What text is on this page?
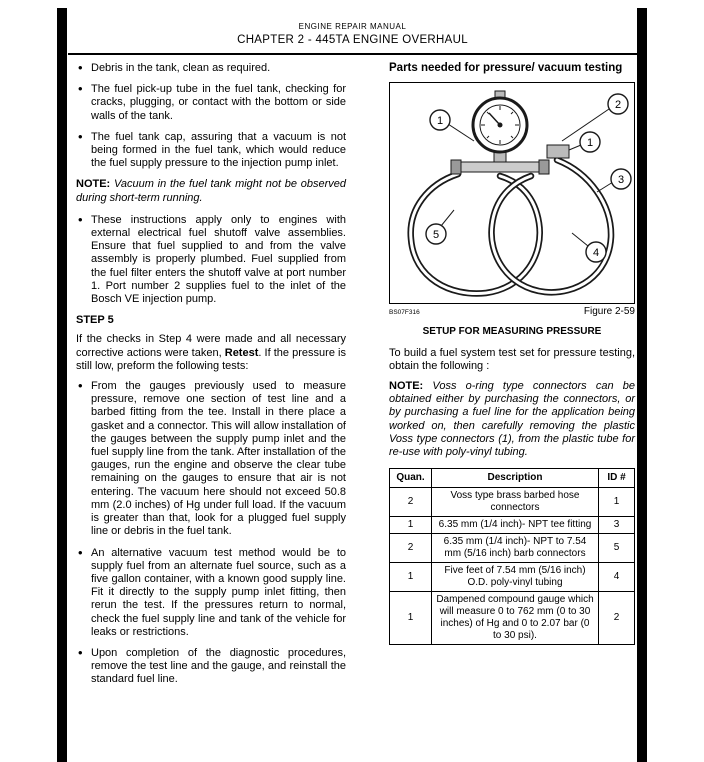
ENGINE REPAIR MANUAL
CHAPTER 2 - 445TA ENGINE OVERHAUL
• Debris in the tank, clean as required.
• The fuel pick-up tube in the fuel tank, checking for cracks, plugging, or contact with the bottom or side walls of the tank.
• The fuel tank cap, assuring that a vacuum is not being formed in the fuel tank, which would reduce the fuel supply pressure to the injection pump inlet.
NOTE: Vacuum in the fuel tank might not be observed during short-term running.
• These instructions apply only to engines with external electrical fuel shutoff valve assemblies. Ensure that fuel supplied to and from the valve assembly is properly plumbed. Fuel supplied from the fuel filter enters the shutoff valve at port number 1. Port number 2 supplies fuel to the inlet of the Bosch VE injection pump.
STEP 5
If the checks in Step 4 were made and all necessary corrective actions were taken, Retest. If the pressure is still low, preform the following tests:
• From the gauges previously used to measure pressure, remove one section of test line and a barbed fitting from the tee. Install in there place a gasket and a connector. This will allow installation of the gauges between the supply pump inlet and the fuel supply line from the tank. After installation of the gauges, run the engine and observe the clear tube remaining on the gauges to ensure that air is not entering. The vacuum here should not exceed 50.8 mm (2.0 inches) of Hg under full load. If the vacuum is greater than that, look for a plugged fuel supply line or debris in the fuel tank.
• An alternative vacuum test method would be to supply fuel from an alternate fuel source, such as a five gallon container, with a known good supply line. Fit it directly to the supply pump inlet fitting, then rerun the test. If the pressures return to normal, check the fuel supply line and tank of the vehicle for leaks or restrictions.
• Upon completion of the diagnostic procedures, remove the test line and the gauge, and reinstall the standard fuel line.
Parts needed for pressure/ vacuum testing
1
2
1
3
5
4
BS07F316	Figure 2-59
SETUP FOR MEASURING PRESSURE
To build a fuel system test set for pressure testing, obtain the following :
NOTE: Voss o-ring type connectors can be obtained either by purchasing the connectors, or by purchasing a fuel line for the application being worked on, then carefully removing the plastic Voss type connectors (1), from the plastic tube for re-use with poly-vinyl tubing.
Quan.	Description	ID #
2	Voss type brass barbed hose connectors	1
1	6.35 mm (1/4 inch)- NPT tee fitting	3
2	6.35 mm (1/4 inch)- NPT to 7.54 mm (5/16 inch) barb connectors	5
1	Five feet of 7.54 mm (5/16 inch) O.D. poly-vinyl tubing	4
1	Dampened compound gauge which will measure 0 to 762 mm (0 to 30 inches) of Hg and 0 to 2.07 bar (0 to 30 psi).	2
